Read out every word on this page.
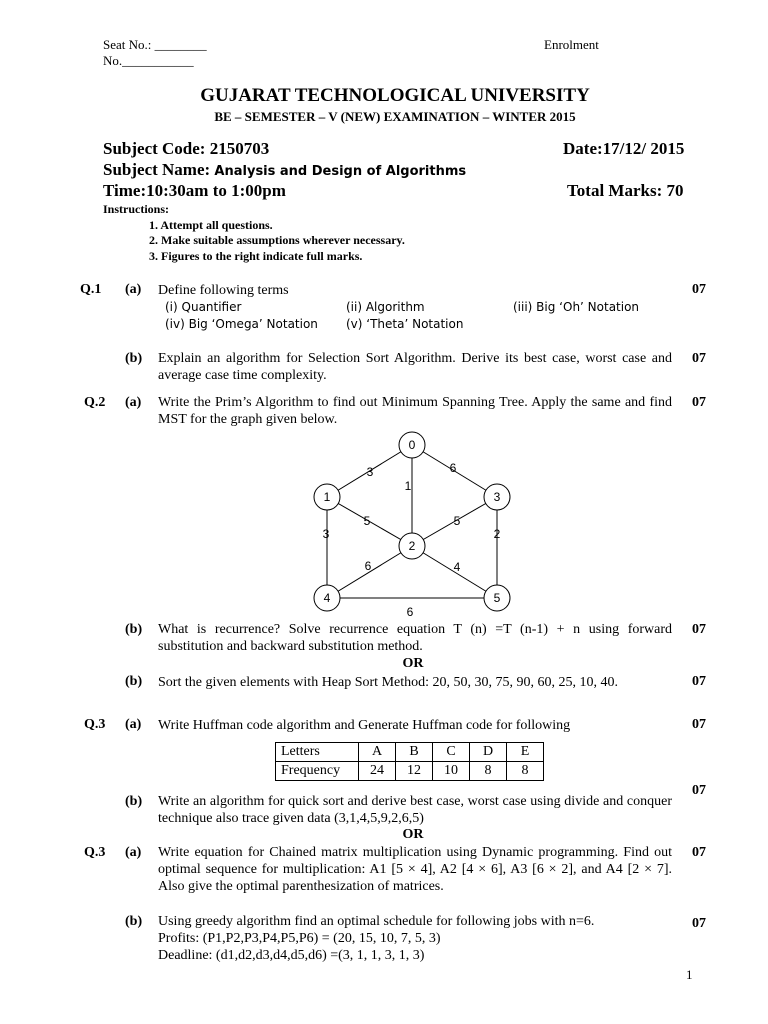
Seat No.: ________	Enrolment
No.___________
GUJARAT TECHNOLOGICAL UNIVERSITY
BE – SEMESTER – V (NEW) EXAMINATION – WINTER 2015
Subject Code: 2150703	Date:17/12/ 2015
Subject Name: Analysis and Design of Algorithms
Time:10:30am to 1:00pm	Total Marks: 70
Instructions:
1. Attempt all questions.
2. Make suitable assumptions wherever necessary.
3. Figures to the right indicate full marks.
Q.1 (a) Define following terms	07
(i) Quantifier	(ii) Algorithm	(iii) Big ‘Oh’ Notation
(iv) Big ‘Omega’ Notation (v) ‘Theta’ Notation
(b) Explain an algorithm for Selection Sort Algorithm. Derive its best case, worst case and average case time complexity.
07
Q.2 (a) Write the Prim’s Algorithm to find out Minimum Spanning Tree. Apply the same and find MST for the graph given below.
07
0
1
2
3
4	5
3	6
1
5	5
3	2
6	4
6
(b) What is recurrence? Solve recurrence equation T (n) =T (n-1) + n using forward substitution and backward substitution method.
07
OR
(b) Sort the given elements with Heap Sort Method: 20, 50, 30, 75, 90, 60, 25, 10, 40.	07
Q.3 (a) Write Huffman code algorithm and Generate Huffman code for following	07
Letters	A	B	C	D	E
Frequency	24	12	10	8	8
07
(b) Write an algorithm for quick sort and derive best case, worst case using divide and conquer technique also trace given data (3,1,4,5,9,2,6,5)
OR
Q.3 (a) Write equation for Chained matrix multiplication using Dynamic programming. Find out optimal sequence for multiplication: A1 [5 × 4], A2 [4 × 6], A3 [6 × 2], and A4 [2 × 7]. Also give the optimal parenthesization of matrices.
07
(b) Using greedy algorithm find an optimal schedule for following jobs with n=6.
Profits: (P1,P2,P3,P4,P5,P6) = (20, 15, 10, 7, 5, 3)
Deadline: (d1,d2,d3,d4,d5,d6) =(3, 1, 1, 3, 1, 3)
07
1
